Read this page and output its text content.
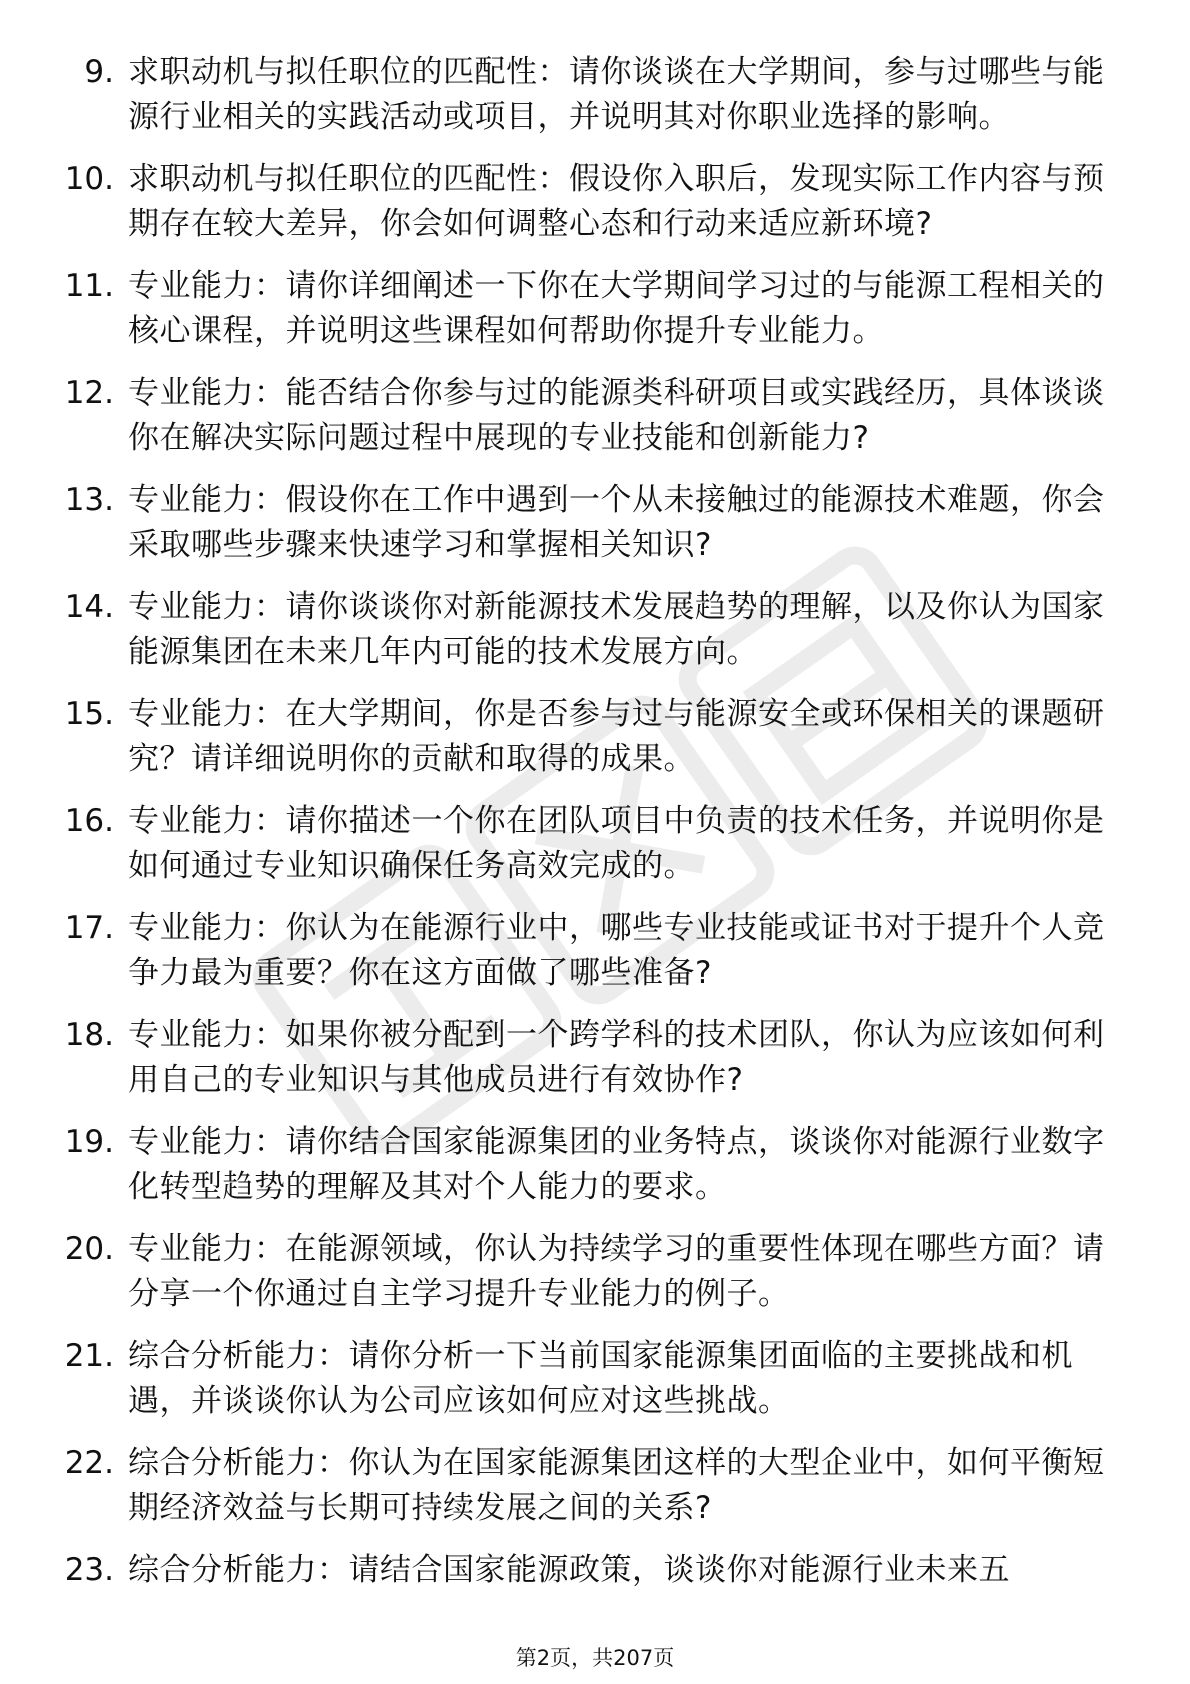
9. 求职动机与拟任职位的匹配性：请你谈谈在大学期间，参与过哪些与能源行业相关的实践活动或项目，并说明其对你职业选择的影响。
10. 求职动机与拟任职位的匹配性：假设你入职后，发现实际工作内容与预期存在较大差异，你会如何调整心态和行动来适应新环境?
11. 专业能力：请你详细阐述一下你在大学期间学习过的与能源工程相关的核心课程，并说明这些课程如何帮助你提升专业能力。
12. 专业能力：能否结合你参与过的能源类科研项目或实践经历，具体谈谈你在解决实际问题过程中展现的专业技能和创新能力?
13. 专业能力：假设你在工作中遇到一个从未接触过的能源技术难题，你会采取哪些步骤来快速学习和掌握相关知识?
14. 专业能力：请你谈谈你对新能源技术发展趋势的理解，以及你认为国家能源集团在未来几年内可能的技术发展方向。
15. 专业能力：在大学期间，你是否参与过与能源安全或环保相关的课题研究？请详细说明你的贡献和取得的成果。
16. 专业能力：请你描述一个你在团队项目中负责的技术任务，并说明你是如何通过专业知识确保任务高效完成的。
17. 专业能力：你认为在能源行业中，哪些专业技能或证书对于提升个人竞争力最为重要？你在这方面做了哪些准备?
18. 专业能力：如果你被分配到一个跨学科的技术团队，你认为应该如何利用自己的专业知识与其他成员进行有效协作?
19. 专业能力：请你结合国家能源集团的业务特点，谈谈你对能源行业数字化转型趋势的理解及其对个人能力的要求。
20. 专业能力：在能源领域，你认为持续学习的重要性体现在哪些方面？请分享一个你通过自主学习提升专业能力的例子。
21. 综合分析能力：请你分析一下当前国家能源集团面临的主要挑战和机遇，并谈谈你认为公司应该如何应对这些挑战。
22. 综合分析能力：你认为在国家能源集团这样的大型企业中，如何平衡短期经济效益与长期可持续发展之间的关系?
23. 综合分析能力：请结合国家能源政策，谈谈你对能源行业未来五
第2页，共207页
